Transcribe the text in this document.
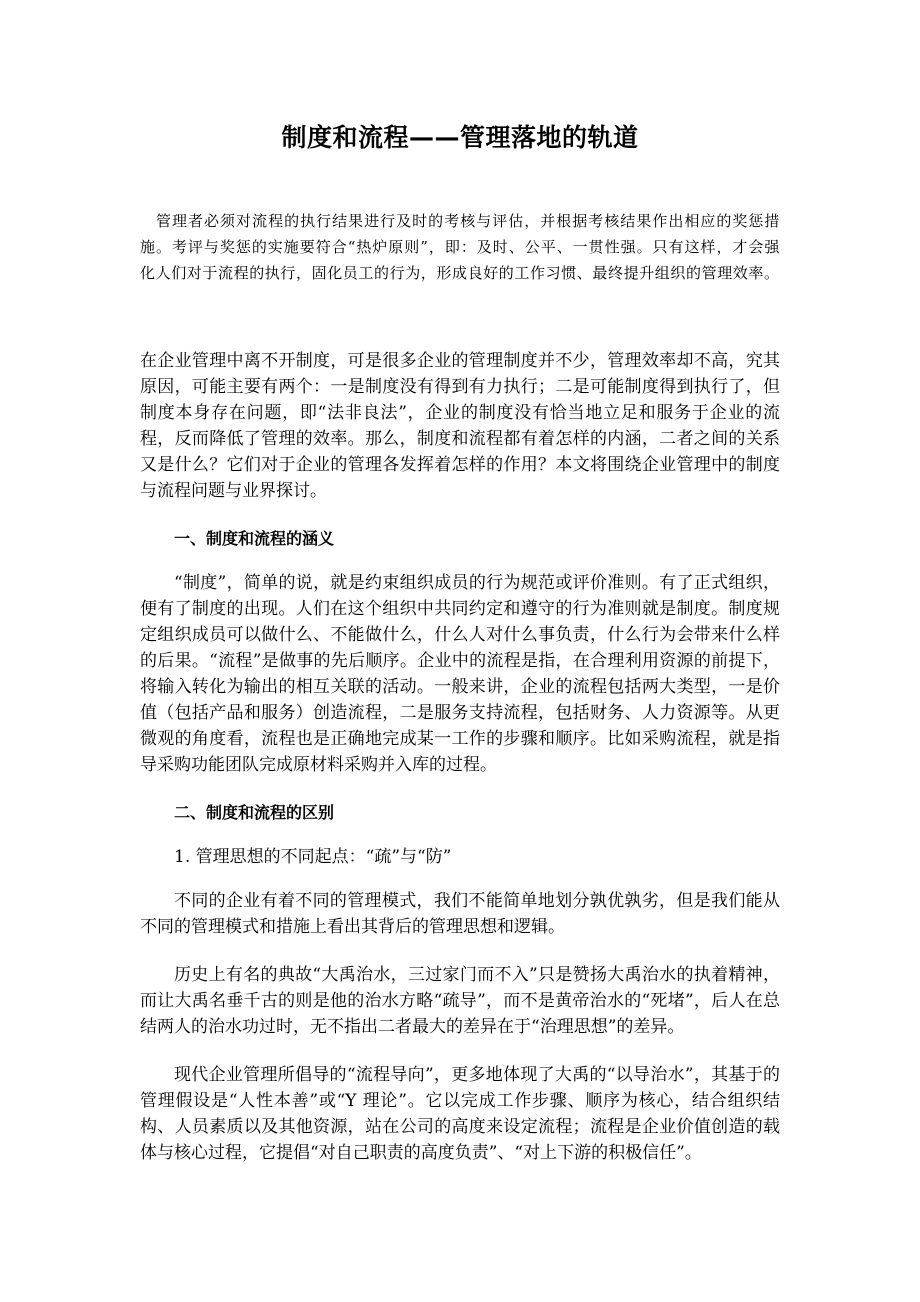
制度和流程——管理落地的轨道

管理者必须对流程的执行结果进行及时的考核与评估，并根据考核结果作出相应的奖惩措施。考评与奖惩的实施要符合“热炉原则”，即：及时、公平、一贯性强。只有这样，才会强化人们对于流程的执行，固化员工的行为，形成良好的工作习惯、最终提升组织的管理效率。

在企业管理中离不开制度，可是很多企业的管理制度并不少，管理效率却不高，究其原因，可能主要有两个：一是制度没有得到有力执行；二是可能制度得到执行了，但制度本身存在问题，即“法非良法”，企业的制度没有恰当地立足和服务于企业的流程，反而降低了管理的效率。那么，制度和流程都有着怎样的内涵，二者之间的关系又是什么？它们对于企业的管理各发挥着怎样的作用？本文将围绕企业管理中的制度与流程问题与业界探讨。

一、制度和流程的涵义

“制度”，简单的说，就是约束组织成员的行为规范或评价准则。有了正式组织，便有了制度的出现。人们在这个组织中共同约定和遵守的行为准则就是制度。制度规定组织成员可以做什么、不能做什么，什么人对什么事负责，什么行为会带来什么样的后果。“流程”是做事的先后顺序。企业中的流程是指，在合理利用资源的前提下，将输入转化为输出的相互关联的活动。一般来讲，企业的流程包括两大类型，一是价值（包括产品和服务）创造流程，二是服务支持流程，包括财务、人力资源等。从更微观的角度看，流程也是正确地完成某一工作的步骤和顺序。比如采购流程，就是指导采购功能团队完成原材料采购并入库的过程。

二、制度和流程的区别

1. 管理思想的不同起点：“疏”与“防”

不同的企业有着不同的管理模式，我们不能简单地划分孰优孰劣，但是我们能从不同的管理模式和措施上看出其背后的管理思想和逻辑。

历史上有名的典故“大禹治水，三过家门而不入”只是赞扬大禹治水的执着精神，而让大禹名垂千古的则是他的治水方略“疏导”，而不是黄帝治水的“死堵”，后人在总结两人的治水功过时，无不指出二者最大的差异在于“治理思想”的差异。

现代企业管理所倡导的“流程导向”，更多地体现了大禹的“以导治水”，其基于的管理假设是“人性本善”或“Y 理论”。它以完成工作步骤、顺序为核心，结合组织结构、人员素质以及其他资源，站在公司的高度来设定流程；流程是企业价值创造的载体与核心过程，它提倡“对自己职责的高度负责”、“对上下游的积极信任”。
